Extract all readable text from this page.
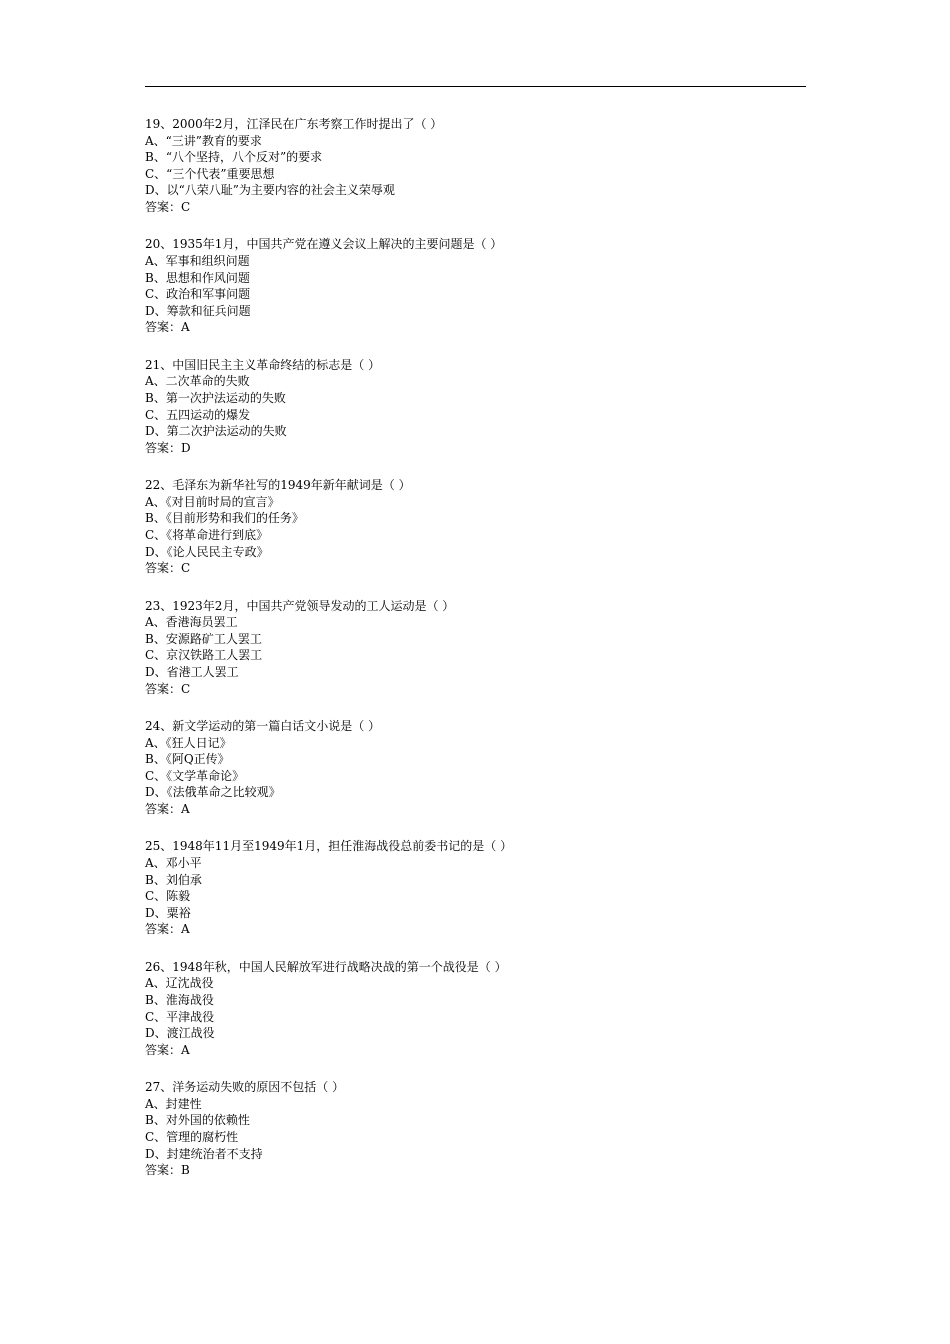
19、2000年2月，江泽民在广东考察工作时提出了（ ）
A、“三讲”教育的要求
B、“八个坚持，八个反对”的要求
C、“三个代表”重要思想
D、以“八荣八耻”为主要内容的社会主义荣辱观
答案：C
20、1935年1月，中国共产党在遵义会议上解决的主要问题是（ ）
A、军事和组织问题
B、思想和作风问题
C、政治和军事问题
D、筹款和征兵问题
答案：A
21、中国旧民主主义革命终结的标志是（ ）
A、二次革命的失败
B、第一次护法运动的失败
C、五四运动的爆发
D、第二次护法运动的失败
答案：D
22、毛泽东为新华社写的1949年新年献词是（ ）
A、《对目前时局的宣言》
B、《目前形势和我们的任务》
C、《将革命进行到底》
D、《论人民民主专政》
答案：C
23、1923年2月，中国共产党领导发动的工人运动是（ ）
A、香港海员罢工
B、安源路矿工人罢工
C、京汉铁路工人罢工
D、省港工人罢工
答案：C
24、新文学运动的第一篇白话文小说是（ ）
A、《狂人日记》
B、《阿Q正传》
C、《文学革命论》
D、《法俄革命之比较观》
答案：A
25、1948年11月至1949年1月，担任淮海战役总前委书记的是（ ）
A、邓小平
B、刘伯承
C、陈毅
D、粟裕
答案：A
26、1948年秋，中国人民解放军进行战略决战的第一个战役是（ ）
A、辽沈战役
B、淮海战役
C、平津战役
D、渡江战役
答案：A
27、洋务运动失败的原因不包括（ ）
A、封建性
B、对外国的依赖性
C、管理的腐朽性
D、封建统治者不支持
答案：B
